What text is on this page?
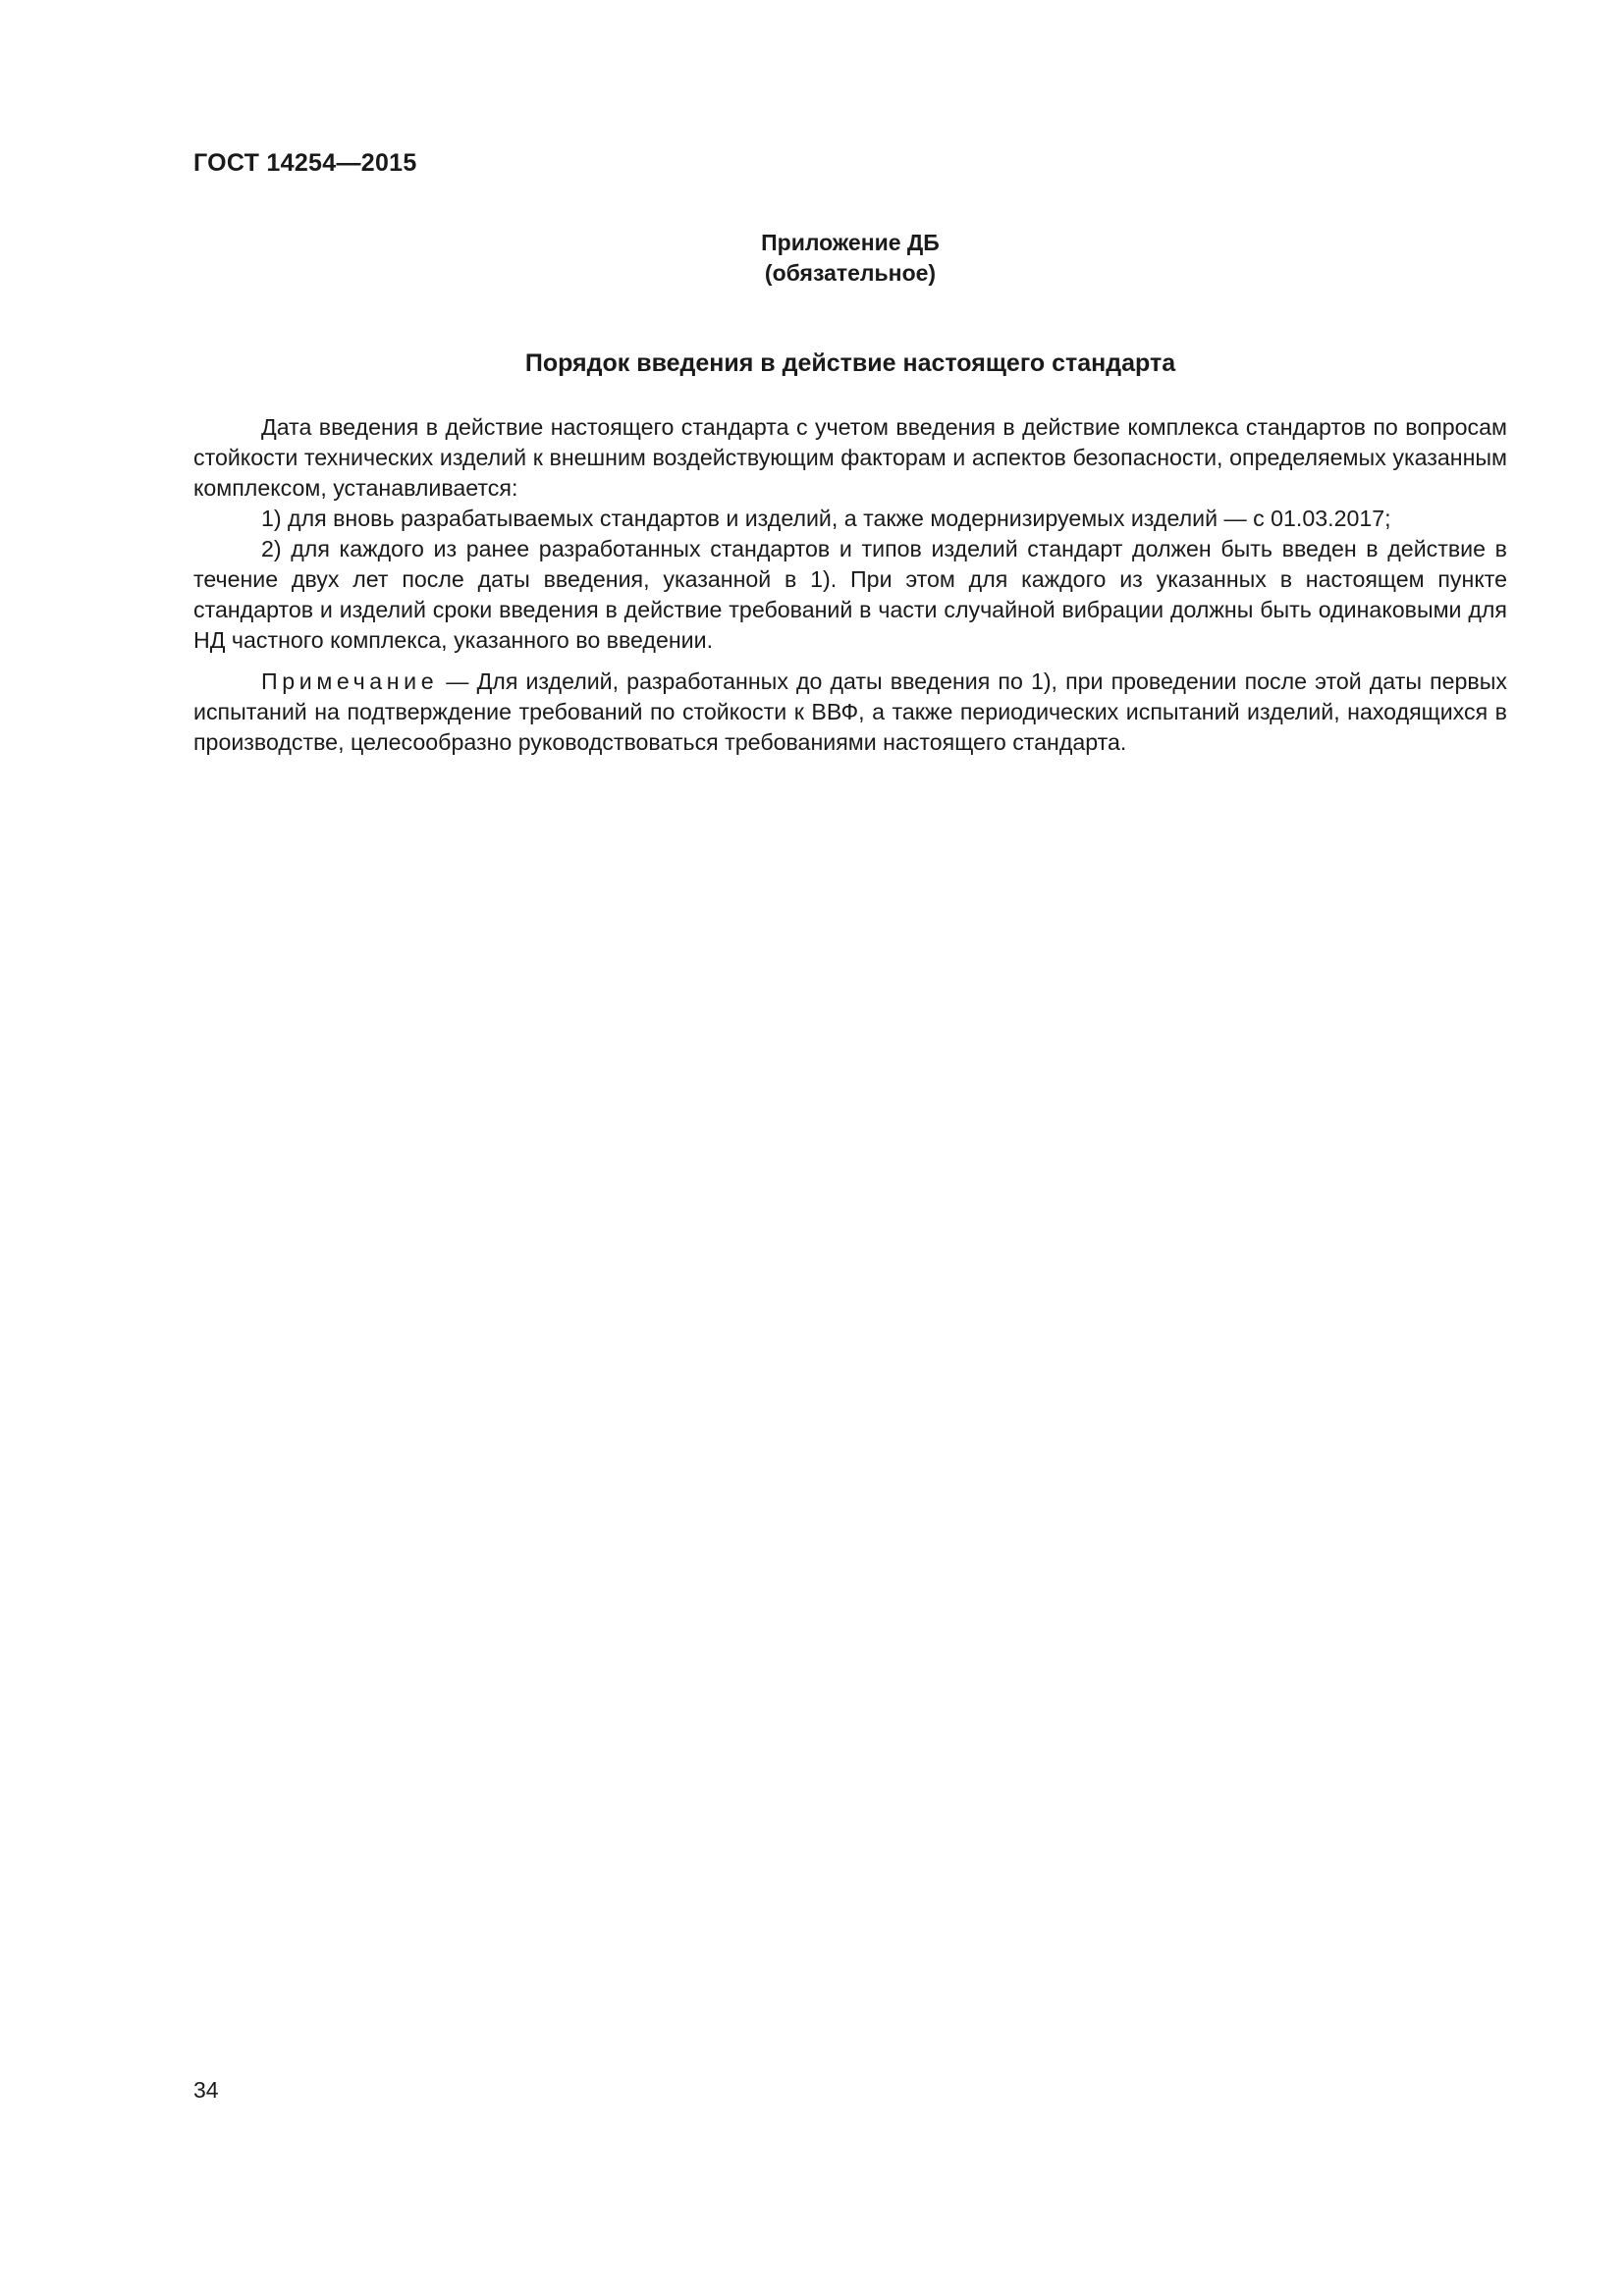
ГОСТ 14254—2015
Приложение ДБ
(обязательное)
Порядок введения в действие настоящего стандарта

Дата введения в действие настоящего стандарта с учетом введения в действие комплекса стандартов по вопросам стойкости технических изделий к внешним воздействующим факторам и аспектов безопасности, определяемых указанным комплексом, устанавливается:

1) для вновь разрабатываемых стандартов и изделий, а также модернизируемых изделий — с 01.03.2017;

2) для каждого из ранее разработанных стандартов и типов изделий стандарт должен быть введен в действие в течение двух лет после даты введения, указанной в 1). При этом для каждого из указанных в настоящем пункте стандартов и изделий сроки введения в действие требований в части случайной вибрации должны быть одинаковыми для НД частного комплекса, указанного во введении.

Примечание — Для изделий, разработанных до даты введения по 1), при проведении после этой даты первых испытаний на подтверждение требований по стойкости к ВВФ, а также периодических испытаний изделий, находящихся в производстве, целесообразно руководствоваться требованиями настоящего стандарта.

34
